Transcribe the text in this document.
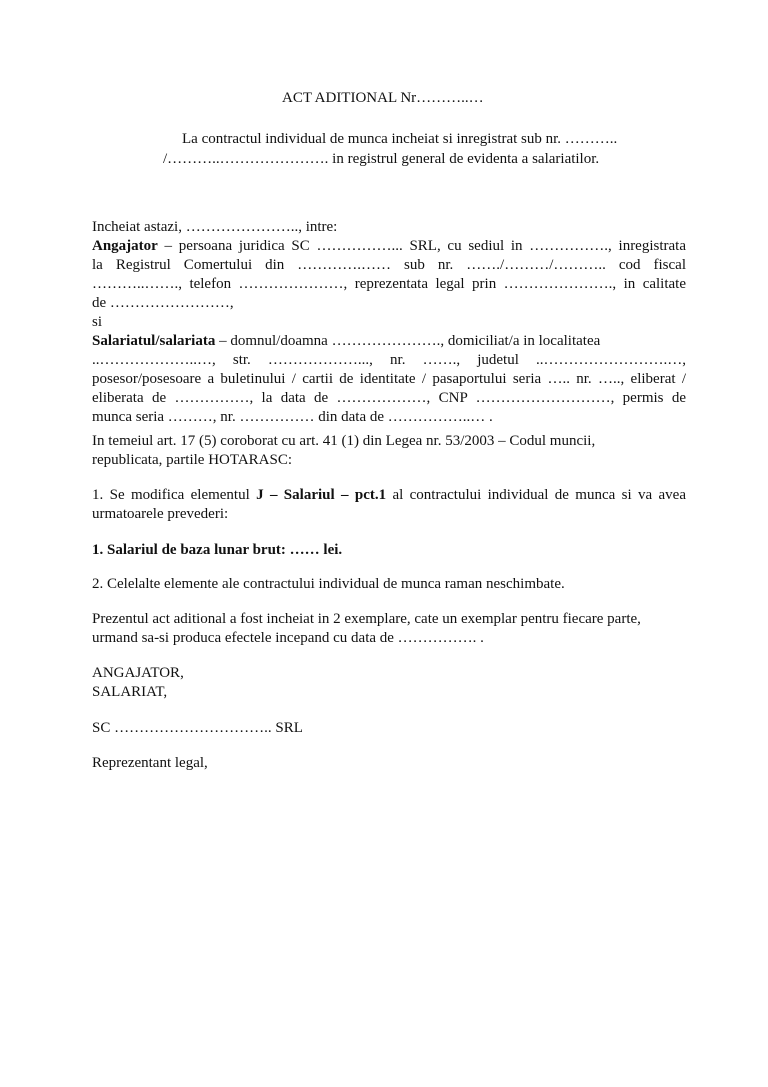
ACT ADITIONAL Nr………..…
La contractul individual de munca incheiat si inregistrat sub nr. ………..
/………..…………………. in registrul general de evidenta a salariatilor.
Incheiat astazi, ………………….., intre:
Angajator – persoana juridica SC ……………... SRL, cu sediul in ……………., inregistrata
la Registrul Comertului din ………….…… sub nr. ……./………/……….. cod fiscal
………..……., telefon …………………, reprezentata legal prin …………………., in calitate
de ……………………,
si
Salariatul/salariata – domnul/doamna …………………., domiciliat/a in localitatea
..………………..…, str. ………………..., nr. ……., judetul ..…………………….…,
posesor/posesoare a buletinului / cartii de identitate / pasaportului seria ….. nr. ….., eliberat /
eliberata de ……………, la data de ………………, CNP ………………………, permis de
munca seria ………, nr. …………… din data de ……………..… .
In temeiul art. 17 (5) coroborat cu art. 41 (1) din Legea nr. 53/2003 – Codul muncii,
republicata, partile HOTARASC:
1. Se modifica elementul J – Salariul – pct.1 al contractului individual de munca si va avea
urmatoarele prevederi:
1. Salariul de baza lunar brut: …… lei.
2. Celelalte elemente ale contractului individual de munca raman neschimbate.
Prezentul act aditional a fost incheiat in 2 exemplare, cate un exemplar pentru fiecare parte,
urmand sa-si produca efectele incepand cu data de ……………. .
ANGAJATOR,
SALARIAT,
SC ………………………….. SRL
Reprezentant legal,
